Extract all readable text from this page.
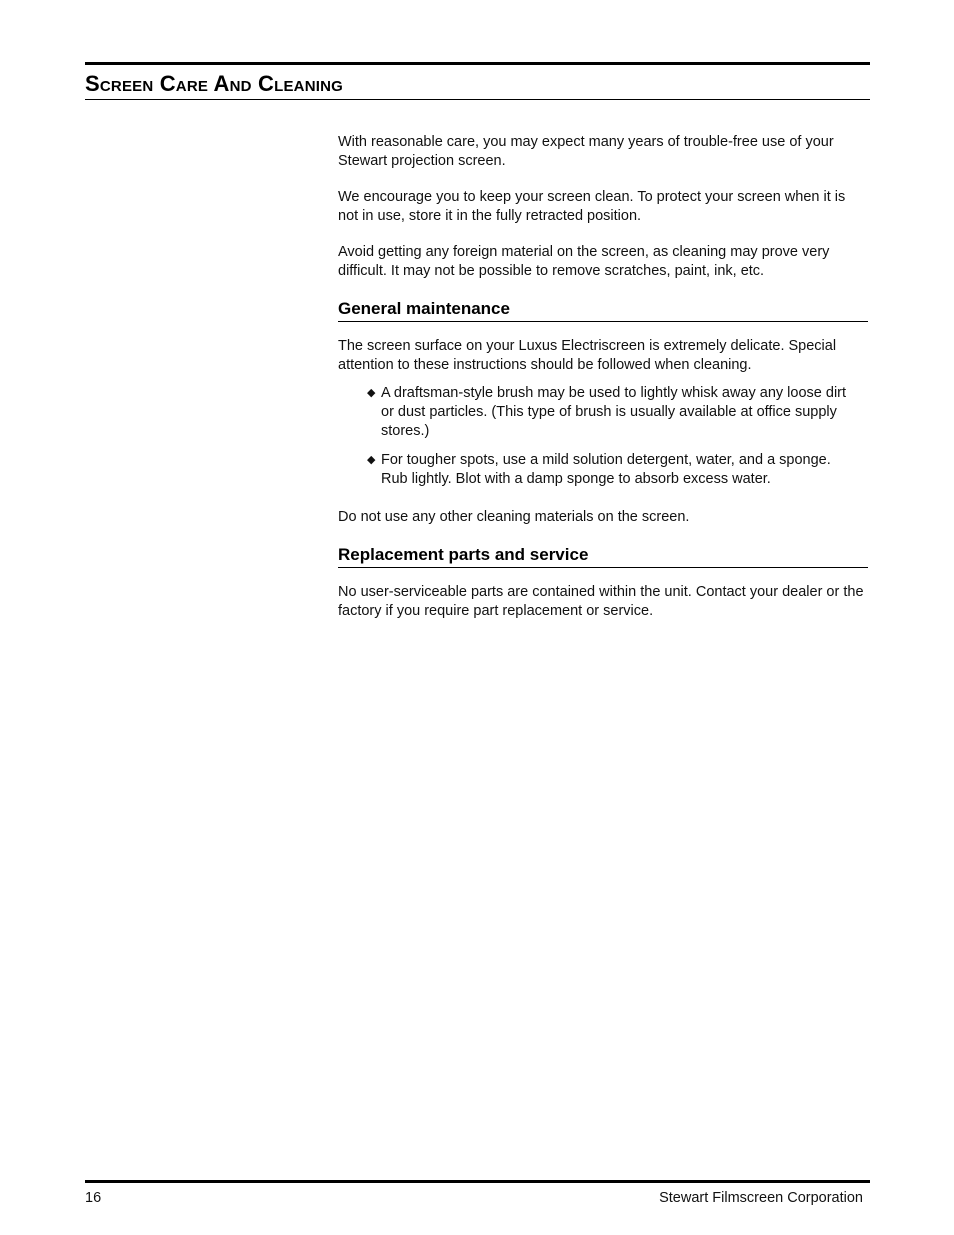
Screen Care And Cleaning

With reasonable care, you may expect many years of trouble-free use of your Stewart projection screen.

We encourage you to keep your screen clean. To protect your screen when it is not in use, store it in the fully retracted position.

Avoid getting any foreign material on the screen, as cleaning may prove very difficult. It may not be possible to remove scratches, paint, ink, etc.

General maintenance

The screen surface on your Luxus Electriscreen is extremely delicate. Special attention to these instructions should be followed when cleaning.

◆ A draftsman-style brush may be used to lightly whisk away any loose dirt or dust particles. (This type of brush is usually available at office supply stores.)
◆ For tougher spots, use a mild solution detergent, water, and a sponge. Rub lightly. Blot with a damp sponge to absorb excess water.

Do not use any other cleaning materials on the screen.

Replacement parts and service

No user-serviceable parts are contained within the unit. Contact your dealer or the factory if you require part replacement or service.

16	Stewart Filmscreen Corporation
